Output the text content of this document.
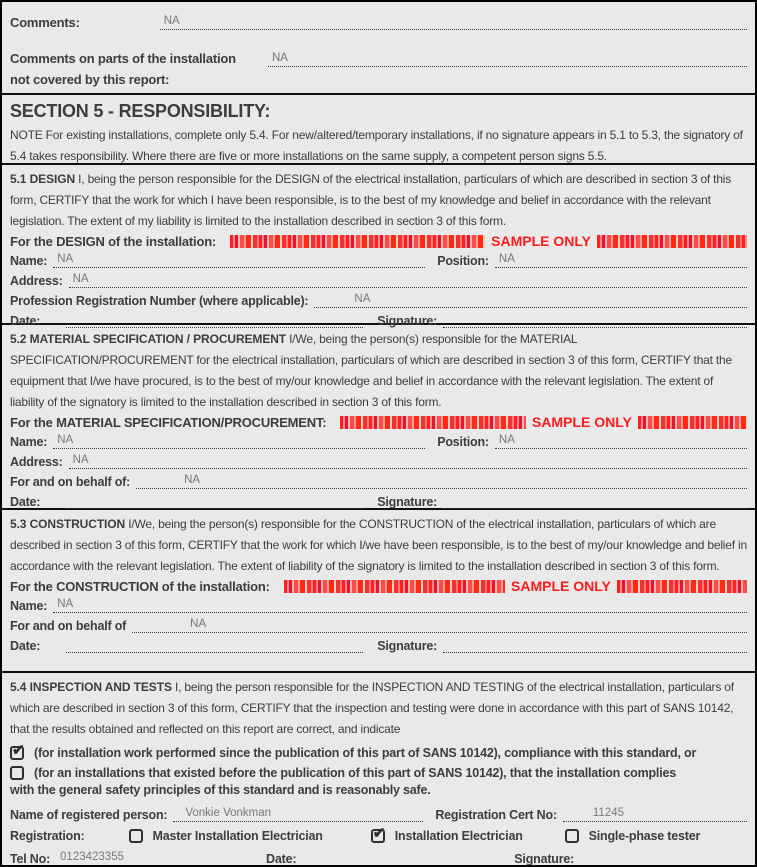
Comments:	NA
Comments on parts of the installation
not covered by this report:
NA
SECTION 5 - RESPONSIBILITY:
NOTE For existing installations, complete only 5.4. For new/altered/temporary installations, if no signature appears in 5.1 to 5.3, the signatory of 5.4 takes responsibility. Where there are five or more installations on the same supply, a competent person signs 5.5.
5.1 DESIGN I, being the person responsible for the DESIGN of the electrical installation, particulars of which are described in section 3 of this form, CERTIFY that the work for which I have been responsible, is to the best of my knowledge and belief in accordance with the relevant legislation. The extent of my liability is limited to the installation described in section 3 of this form.
For the DESIGN of the installation:	SAMPLE ONLY
Name: NA	Position: NA
Address: NA
Profession Registration Number (where applicable):	NA
Date:	Signature:
5.2 MATERIAL SPECIFICATION / PROCUREMENT I/We, being the person(s) responsible for the MATERIAL SPECIFICATION/PROCUREMENT for the electrical installation, particulars of which are described in section 3 of this form, CERTIFY that the equipment that I/we have procured, is to the best of my/our knowledge and belief in accordance with the relevant legislation. The extent of liability of the signatory is limited to the installation described in section 3 of this form.
For the MATERIAL SPECIFICATION/PROCUREMENT:	SAMPLE ONLY
Name: NA	Position: NA
Address: NA
For and on behalf of:	NA
Date:	Signature:
5.3 CONSTRUCTION I/We, being the person(s) responsible for the CONSTRUCTION of the electrical installation, particulars of which are described in section 3 of this form, CERTIFY that the work for which I/we have been responsible, is to the best of my/our knowledge and belief in accordance with the relevant legislation. The extent of liability of the signatory is limited to the installation described in section 3 of this form.
For the CONSTRUCTION of the installation:	SAMPLE ONLY
Name: NA
For and on behalf of	NA
Date:	Signature:
5.4 INSPECTION AND TESTS I, being the person responsible for the INSPECTION AND TESTING of the electrical installation, particulars of which are described in section 3 of this form, CERTIFY that the inspection and testing were done in accordance with this part of SANS 10142, that the results obtained and reflected on this report are correct, and indicate
✔ (for installation work performed since the publication of this part of SANS 10142), compliance with this standard, or
(for an installations that existed before the publication of this part of SANS 10142), that the installation complies
with the general safety principles of this standard and is reasonably safe.
Name of registered person:	Vonkie Vonkman	Registration Cert No:	11245
Registration:	Master Installation Electrician	✔ Installation Electrician	Single-phase tester
Tel No: 0123423355	Date:	Signature:
